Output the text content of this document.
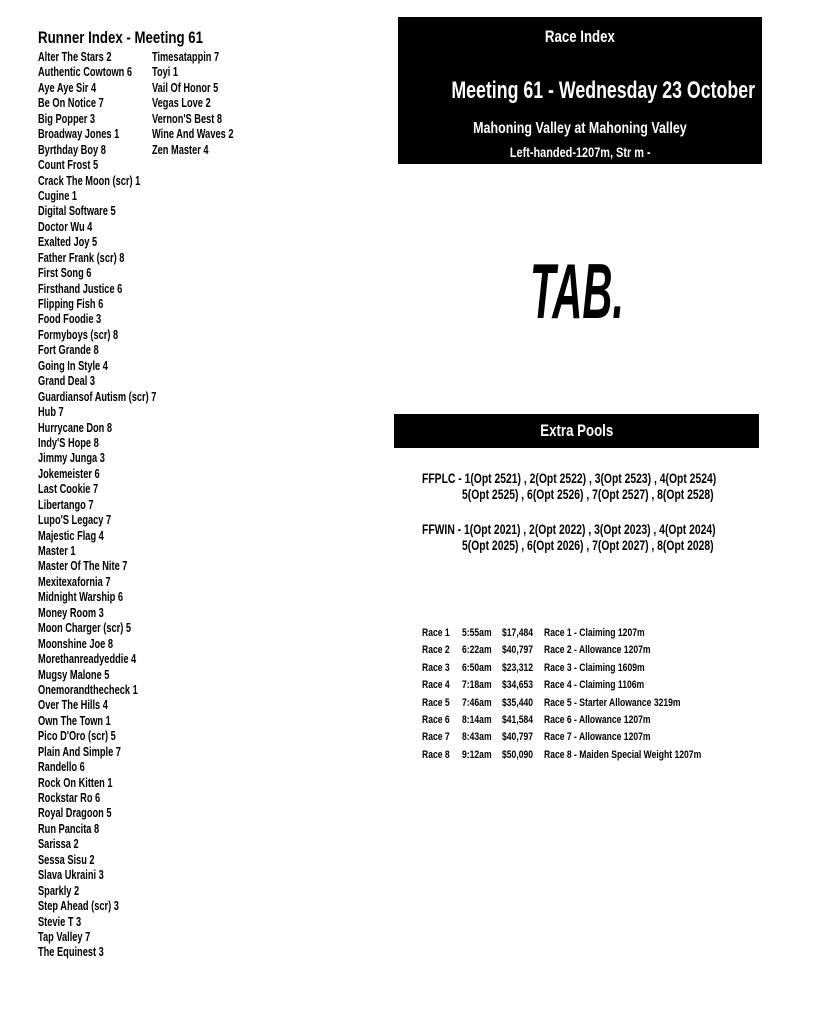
Runner Index - Meeting 61
Alter The Stars 2
Authentic Cowtown 6
Aye Aye Sir 4
Be On Notice 7
Big Popper 3
Broadway Jones 1
Byrthday Boy 8
Count Frost 5
Crack The Moon (scr) 1
Cugine 1
Digital Software 5
Doctor Wu 4
Exalted Joy 5
Father Frank (scr) 8
First Song 6
Firsthand Justice 6
Flipping Fish 6
Food Foodie 3
Formyboys (scr) 8
Fort Grande 8
Going In Style 4
Grand Deal 3
Guardiansof Autism (scr) 7
Hub 7
Hurrycane Don 8
Indy'S Hope 8
Jimmy Junga 3
Jokemeister 6
Last Cookie 7
Libertango 7
Lupo'S Legacy 7
Majestic Flag 4
Master 1
Master Of The Nite 7
Mexitexafornia 7
Midnight Warship 6
Money Room 3
Moon Charger (scr) 5
Moonshine Joe 8
Morethanreadyeddie 4
Mugsy Malone 5
Onemorandthecheck 1
Over The Hills 4
Own The Town 1
Pico D'Oro (scr) 5
Plain And Simple 7
Randello 6
Rock On Kitten 1
Rockstar Ro 6
Royal Dragoon 5
Run Pancita 8
Sarissa 2
Sessa Sisu 2
Slava Ukraini 3
Sparkly 2
Step Ahead (scr) 3
Stevie T 3
Tap Valley 7
The Equinest 3
Timesatappin 7
Toyi 1
Vail Of Honor 5
Vegas Love 2
Vernon'S Best 8
Wine And Waves 2
Zen Master 4
Race Index
Meeting 61 - Wednesday 23 October
Mahoning Valley at Mahoning Valley
Left-handed-1207m, Str m -
TAB.
Extra Pools
FFPLC - 1(Opt 2521) , 2(Opt 2522) , 3(Opt 2523) , 4(Opt 2524)
5(Opt 2525) , 6(Opt 2526) , 7(Opt 2527) , 8(Opt 2528)
FFWIN - 1(Opt 2021) , 2(Opt 2022) , 3(Opt 2023) , 4(Opt 2024)
5(Opt 2025) , 6(Opt 2026) , 7(Opt 2027) , 8(Opt 2028)
Race 1 5:55am $17,484 Race 1 - Claiming 1207m
Race 2 6:22am $40,797 Race 2 - Allowance 1207m
Race 3 6:50am $23,312 Race 3 - Claiming 1609m
Race 4 7:18am $34,653 Race 4 - Claiming 1106m
Race 5 7:46am $35,440 Race 5 - Starter Allowance 3219m
Race 6 8:14am $41,584 Race 6 - Allowance 1207m
Race 7 8:43am $40,797 Race 7 - Allowance 1207m
Race 8 9:12am $50,090 Race 8 - Maiden Special Weight 1207m
